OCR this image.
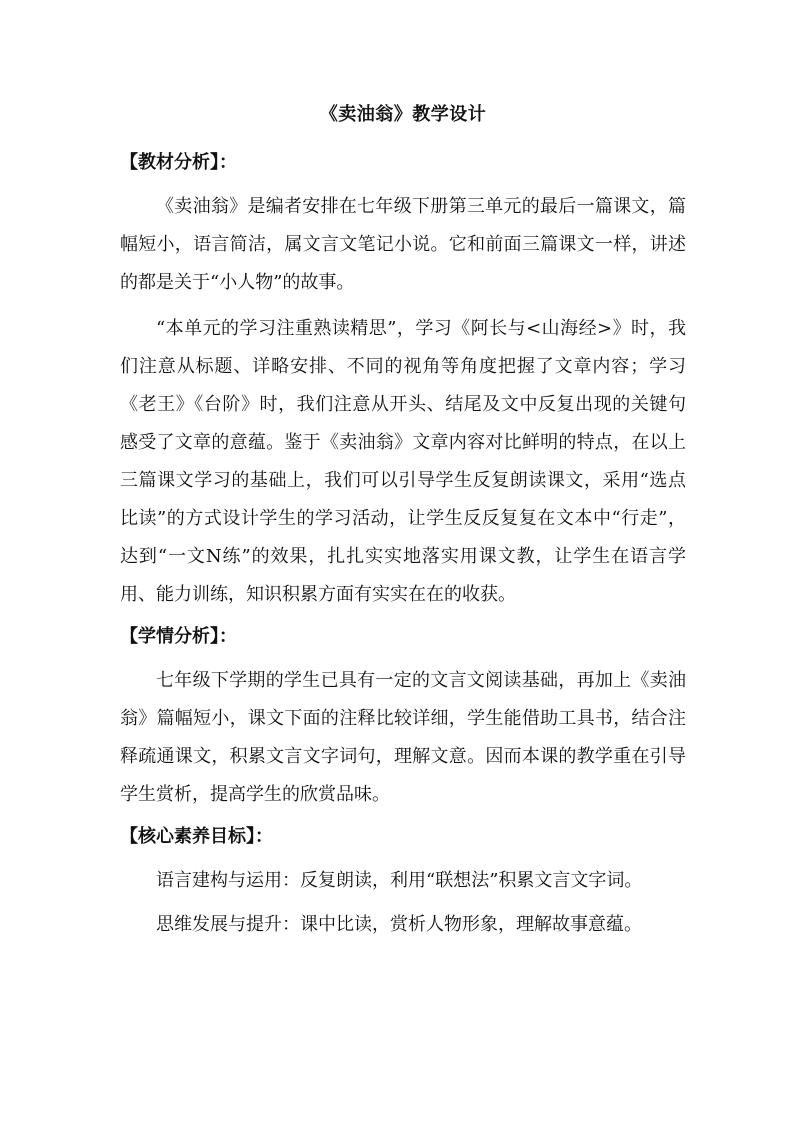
《卖油翁》教学设计
【教材分析】：

《卖油翁》是编者安排在七年级下册第三单元的最后一篇课文，篇幅短小，语言简洁，属文言文笔记小说。它和前面三篇课文一样，讲述的都是关于“小人物”的故事。

“本单元的学习注重熟读精思”，学习《阿长与<山海经>》时，我们注意从标题、详略安排、不同的视角等角度把握了文章内容；学习《老王》《台阶》时，我们注意从开头、结尾及文中反复出现的关键句感受了文章的意蕴。鉴于《卖油翁》文章内容对比鲜明的特点，在以上三篇课文学习的基础上，我们可以引导学生反复朗读课文，采用“选点比读”的方式设计学生的学习活动，让学生反反复复在文本中“行走”，达到“一文N练”的效果，扎扎实实地落实用课文教，让学生在语言学用、能力训练，知识积累方面有实实在在的收获。

【学情分析】：

七年级下学期的学生已具有一定的文言文阅读基础，再加上《卖油翁》篇幅短小，课文下面的注释比较详细，学生能借助工具书，结合注释疏通课文，积累文言文字词句，理解文意。因而本课的教学重在引导学生赏析，提高学生的欣赏品味。

【核心素养目标】：

语言建构与运用：反复朗读，利用“联想法”积累文言文字词。

思维发展与提升：课中比读，赏析人物形象，理解故事意蕴。
